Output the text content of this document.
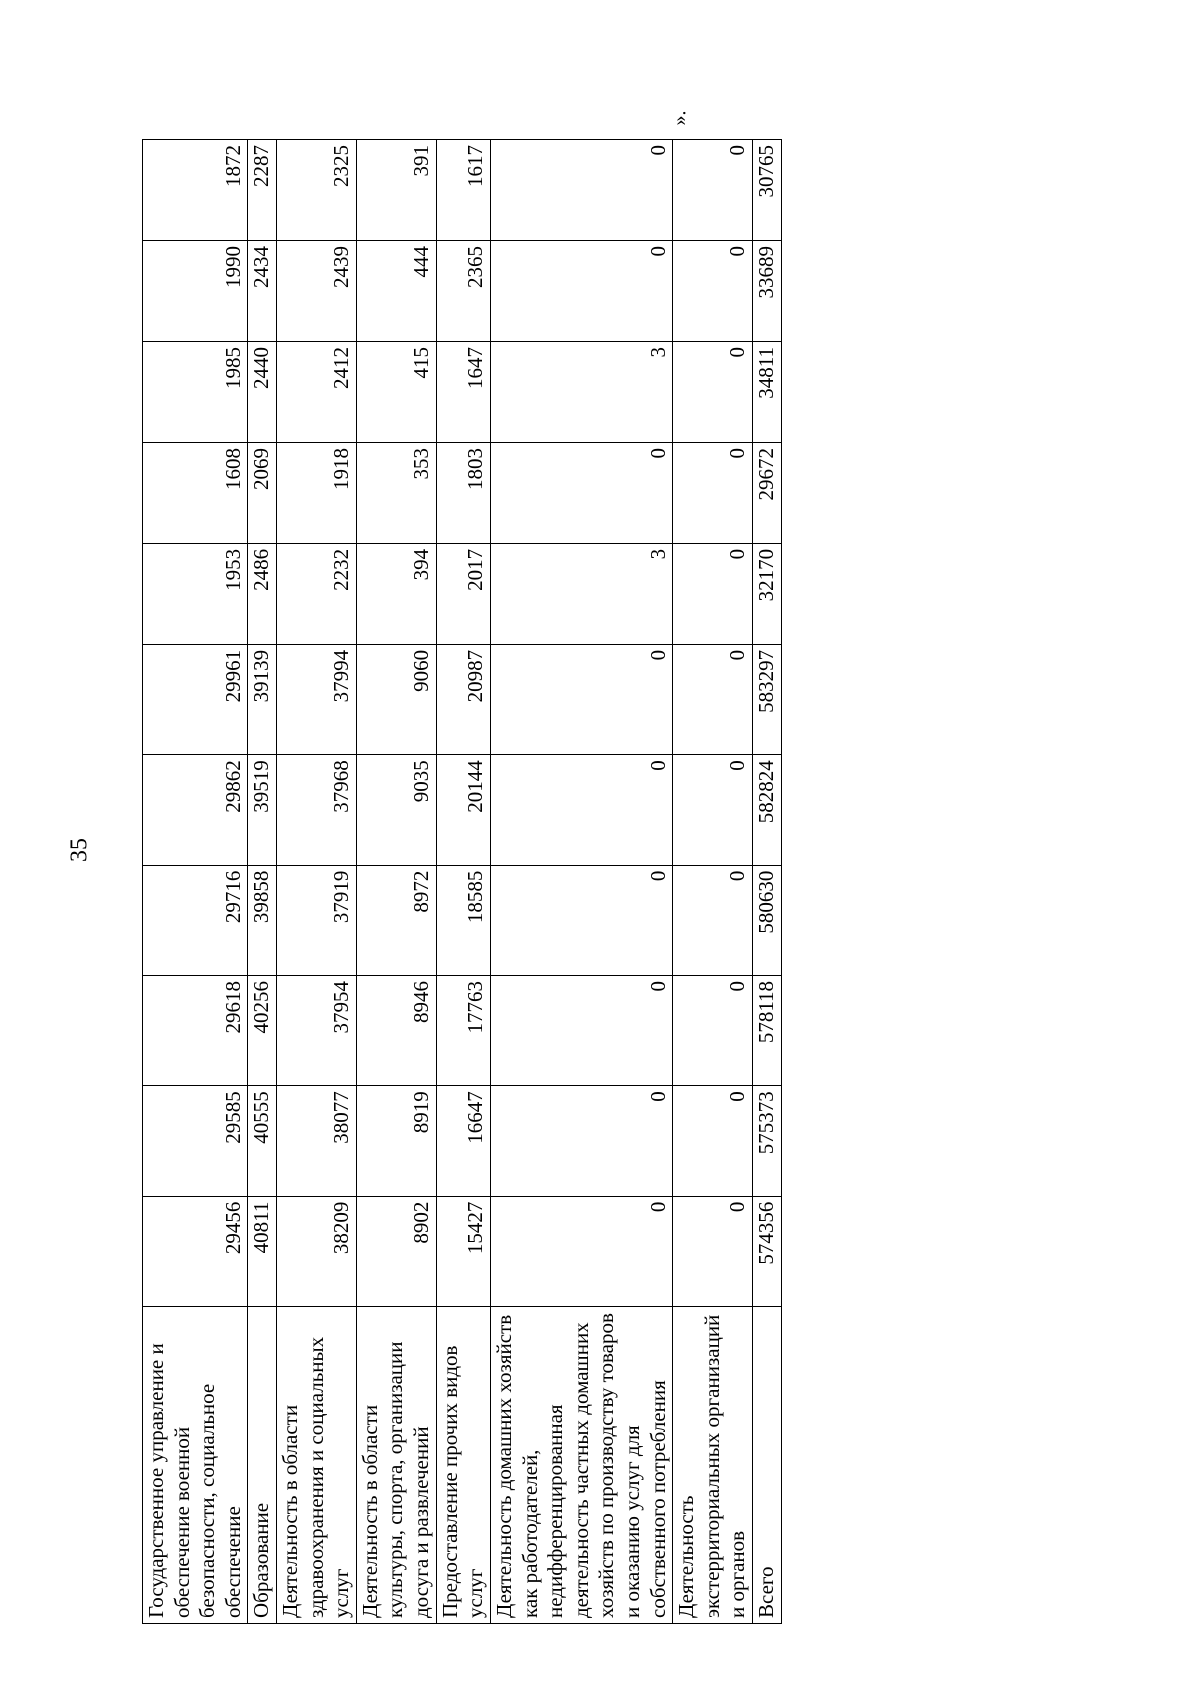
35
Государственное управление и обеспечение военной безопасности, социальное обеспечение	29456	29585	29618	29716	29862	29961	1953	1608	1985	1990	1872
Образование	40811	40555	40256	39858	39519	39139	2486	2069	2440	2434	2287
Деятельность в области здравоохранения и социальных услуг	38209	38077	37954	37919	37968	37994	2232	1918	2412	2439	2325
Деятельность в области культуры, спорта, организации досуга и развлечений	8902	8919	8946	8972	9035	9060	394	353	415	444	391
Предоставление прочих видов услуг	15427	16647	17763	18585	20144	20987	2017	1803	1647	2365	1617
Деятельность домашних хозяйств как работодателей, недифференцированная деятельность частных домашних хозяйств по производству товаров и оказанию услуг для собственного потребления	0	0	0	0	0	0	3	0	3	0	0
Деятельность экстерриториальных организаций и органов	0	0	0	0	0	0	0	0	0	0	0
Всего	574356	575373	578118	580630	582824	583297	32170	29672	34811	33689	30765
».
